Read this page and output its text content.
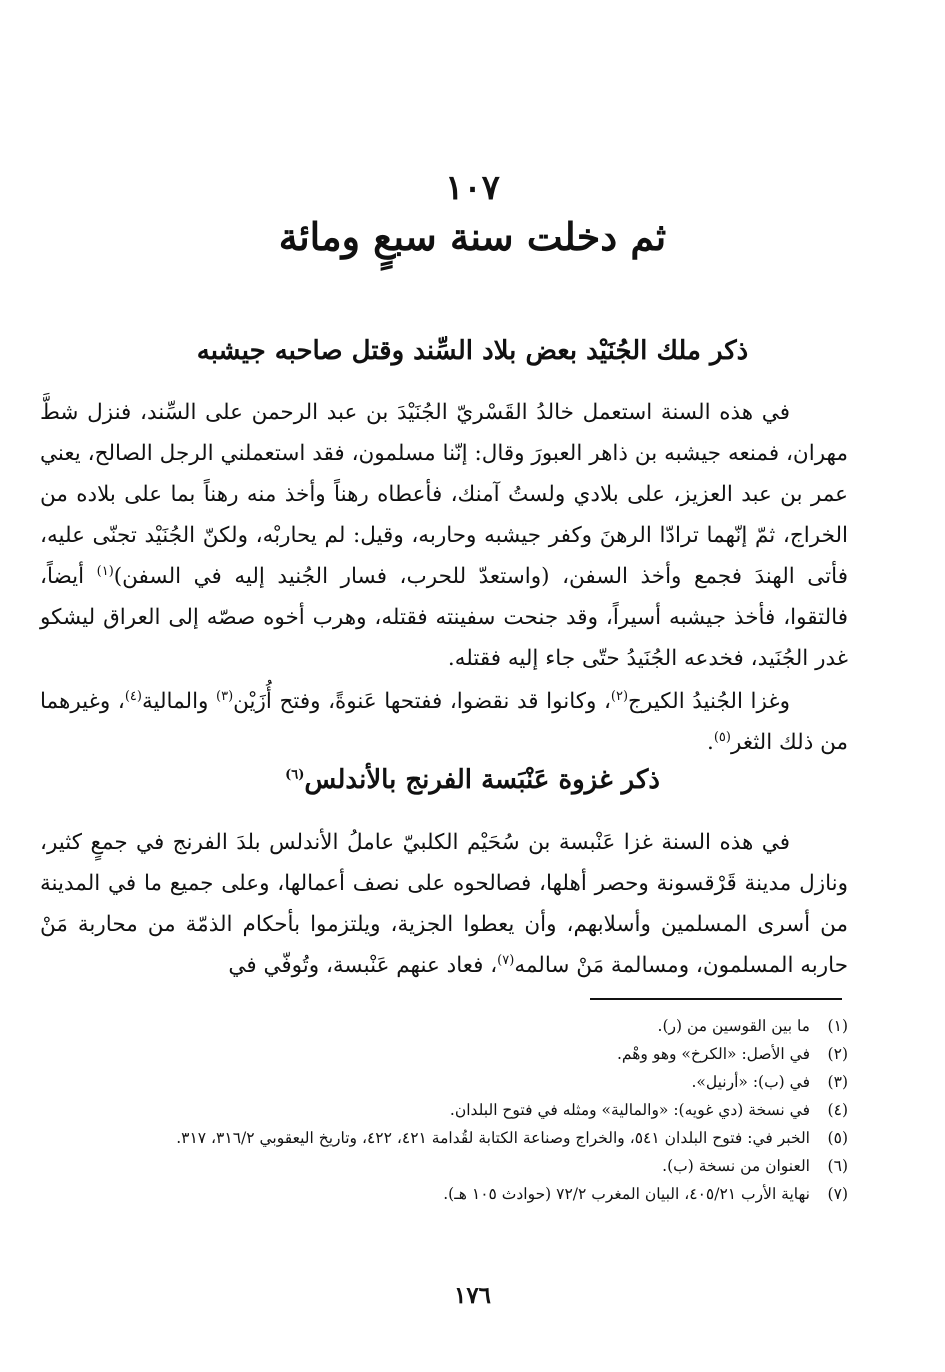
١٠٧
ثم دخلت سنة سبعٍ ومائة
ذكر ملك الجُنَيْد بعض بلاد السِّند وقتل صاحبه جيشبه
في هذه السنة استعمل خالدُ القَسْريّ الجُنَيْدَ بن عبد الرحمن على السِّند، فنزل شطَّ مهران، فمنعه جيشبه بن ذاهر العبورَ وقال: إنّنا مسلمون، فقد استعملني الرجل الصالح، يعني عمر بن عبد العزيز، على بلادي ولستُ آمنك، فأعطاه رهناً وأخذ منه رهناً بما على بلاده من الخراج، ثمّ إنّهما ترادّا الرهنَ وكفر جيشبه وحاربه، وقيل: لم يحاربْه، ولكنّ الجُنَيْد تجنّى عليه، فأتى الهندَ فجمع وأخذ السفن، (واستعدّ للحرب، فسار الجُنيد إليه في السفن)$^{(١)}$ أيضاً، فالتقوا، فأخذ جيشبه أسيراً، وقد جنحت سفينته فقتله، وهرب أخوه صصّه إلى العراق ليشكو غدر الجُنَيد، فخدعه الجُنَيدُ حتّى جاء إليه فقتله.
وغزا الجُنيدُ الكيرج$^{(٢)}$، وكانوا قد نقضوا، ففتحها عَنوةً، وفتح أُزَيْن$^{(٣)}$ والمالية$^{(٤)}$، وغيرهما من ذلك الثغر$^{(٥)}$.
ذكر غزوة عَنْبَسة الفرنج بالأندلس$^{(٦)}$
في هذه السنة غزا عَنْبسة بن سُحَيْم الكلبيّ عاملُ الأندلس بلدَ الفرنج في جمعٍ كثير، ونازل مدينة قَرْقسونة وحصر أهلها، فصالحوه على نصف أعمالها، وعلى جميع ما في المدينة من أسرى المسلمين وأسلابهم، وأن يعطوا الجزية، ويلتزموا بأحكام الذمّة من محاربة مَنْ حاربه المسلمون، ومسالمة مَنْ سالمه$^{(٧)}$، فعاد عنهم عَنْبسة، وتُوفّي في
(١)
ما بين القوسين من (ر).
(٢)
في الأصل: «الكرخ» وهو وهْم.
(٣)
في (ب): «أرنيل».
(٤)
في نسخة (دي غويه): «والمالية» ومثله في فتوح البلدان.
(٥)
الخبر في: فتوح البلدان ٥٤١، والخراج وصناعة الكتابة لقُدامة ٤٢١، ٤٢٢، وتاريخ اليعقوبي ٣١٦/٢، ٣١٧.
(٦)
العنوان من نسخة (ب).
(٧)
نهاية الأرب ٤٠٥/٢١، البيان المغرب ٧٢/٢ (حوادث ١٠٥ هـ).
١٧٦
